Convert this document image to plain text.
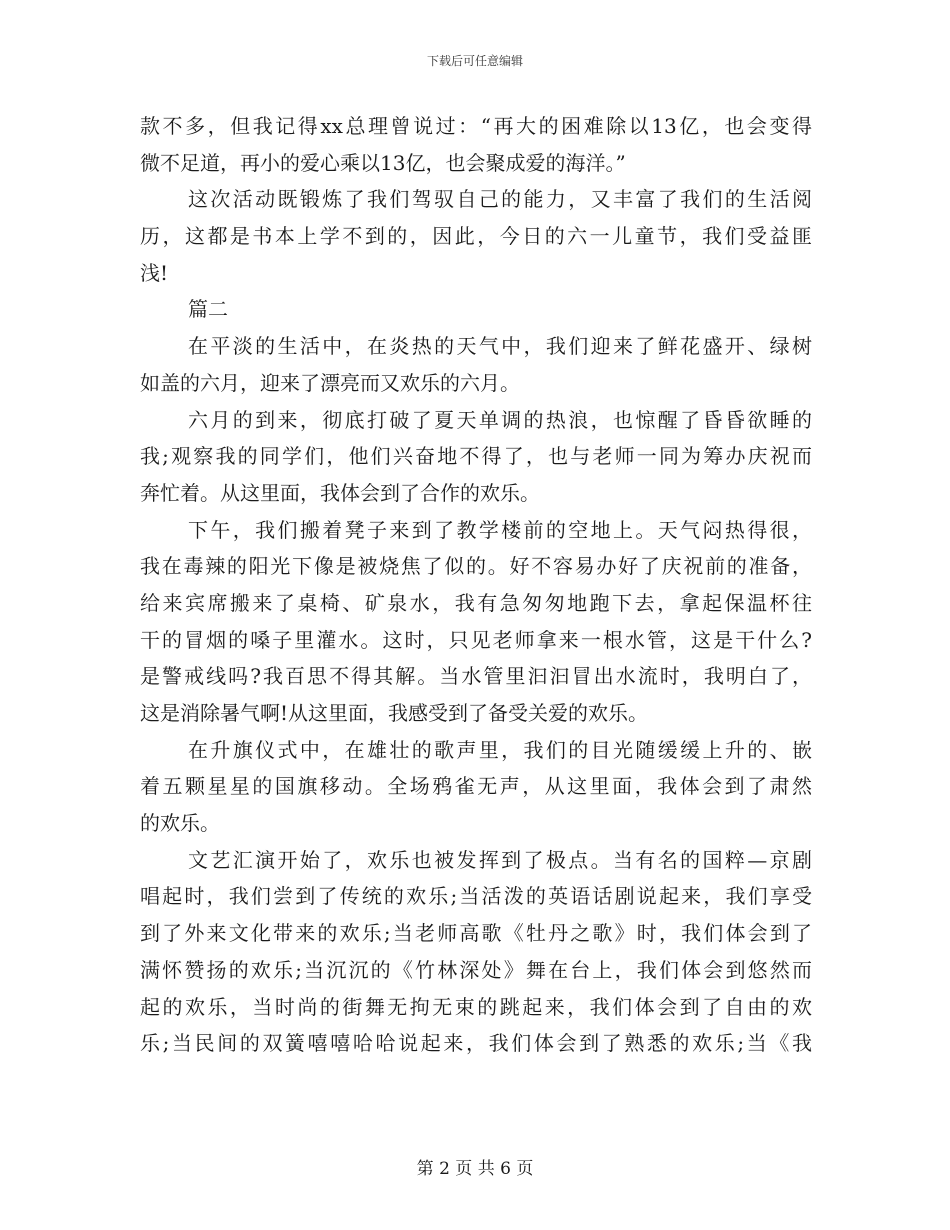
下载后可任意编辑
款不多，但我记得xx总理曾说过：“再大的困难除以13亿，也会变得
微不足道，再小的爱心乘以13亿，也会聚成爱的海洋。”
这次活动既锻炼了我们驾驭自己的能力，又丰富了我们的生活阅
历，这都是书本上学不到的，因此，今日的六一儿童节，我们受益匪
浅!
篇二
在平淡的生活中，在炎热的天气中，我们迎来了鲜花盛开、绿树
如盖的六月，迎来了漂亮而又欢乐的六月。
六月的到来，彻底打破了夏天单调的热浪，也惊醒了昏昏欲睡的
我;观察我的同学们，他们兴奋地不得了，也与老师一同为筹办庆祝而
奔忙着。从这里面，我体会到了合作的欢乐。
下午，我们搬着凳子来到了教学楼前的空地上。天气闷热得很，
我在毒辣的阳光下像是被烧焦了似的。好不容易办好了庆祝前的准备，
给来宾席搬来了桌椅、矿泉水，我有急匆匆地跑下去，拿起保温杯往
干的冒烟的嗓子里灌水。这时，只见老师拿来一根水管，这是干什么?
是警戒线吗?我百思不得其解。当水管里汩汩冒出水流时，我明白了，
这是消除暑气啊!从这里面，我感受到了备受关爱的欢乐。
在升旗仪式中，在雄壮的歌声里，我们的目光随缓缓上升的、嵌
着五颗星星的国旗移动。全场鸦雀无声，从这里面，我体会到了肃然
的欢乐。
文艺汇演开始了，欢乐也被发挥到了极点。当有名的国粹—京剧
唱起时，我们尝到了传统的欢乐;当活泼的英语话剧说起来，我们享受
到了外来文化带来的欢乐;当老师高歌《牡丹之歌》时，我们体会到了
满怀赞扬的欢乐;当沉沉的《竹林深处》舞在台上，我们体会到悠然而
起的欢乐，当时尚的街舞无拘无束的跳起来，我们体会到了自由的欢
乐;当民间的双簧嘻嘻哈哈说起来，我们体会到了熟悉的欢乐;当《我
第 2 页 共 6 页
